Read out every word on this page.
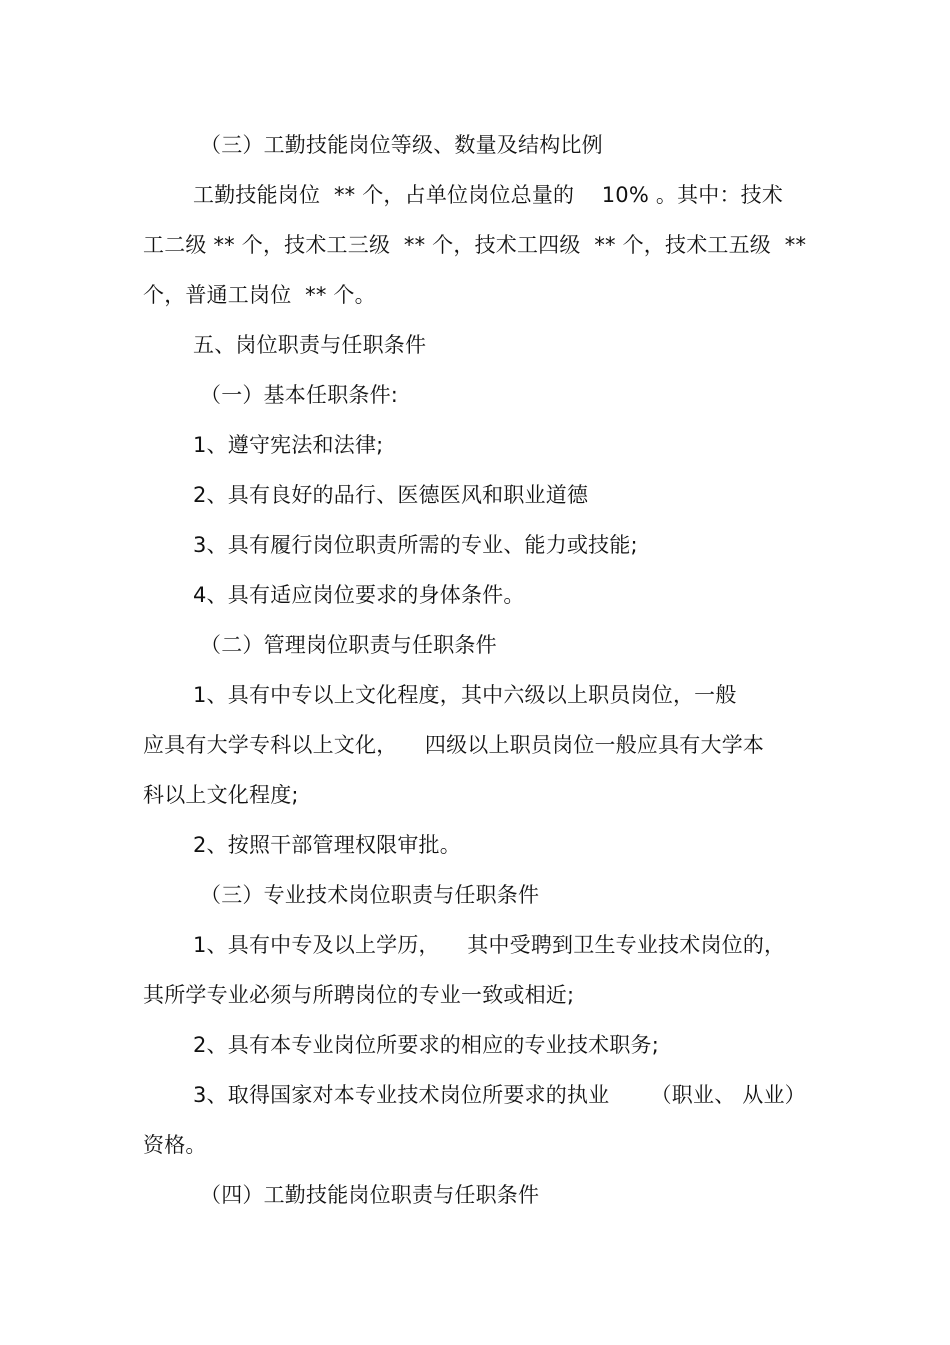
（三）工勤技能岗位等级、数量及结构比例
工勤技能岗位  ** 个，占单位岗位总量的    10% 。其中：技术
工二级 ** 个，技术工三级  ** 个，技术工四级  ** 个，技术工五级  **
个，普通工岗位  ** 个。
五、岗位职责与任职条件
（一）基本任职条件:
1、遵守宪法和法律;
2、具有良好的品行、医德医风和职业道德
3、具有履行岗位职责所需的专业、能力或技能;
4、具有适应岗位要求的身体条件。
（二）管理岗位职责与任职条件
1、具有中专以上文化程度，其中六级以上职员岗位，一般
应具有大学专科以上文化，    四级以上职员岗位一般应具有大学本
科以上文化程度;
2、按照干部管理权限审批。
（三）专业技术岗位职责与任职条件
1、具有中专及以上学历，    其中受聘到卫生专业技术岗位的，
其所学专业必须与所聘岗位的专业一致或相近;
2、具有本专业岗位所要求的相应的专业技术职务;
3、取得国家对本专业技术岗位所要求的执业      （职业、 从业）
资格。
（四）工勤技能岗位职责与任职条件
